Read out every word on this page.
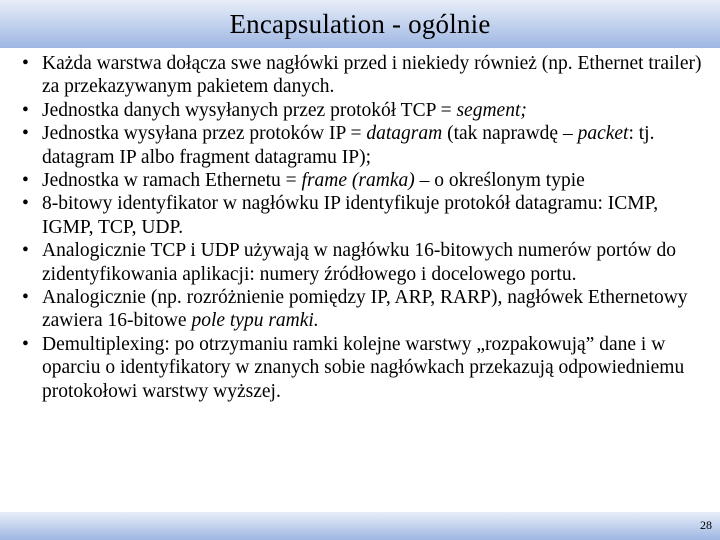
Encapsulation - ogólnie
• Każda warstwa dołącza swe nagłówki przed i niekiedy również (np. Ethernet trailer) za przekazywanym pakietem danych.
• Jednostka danych wysyłanych przez protokół TCP = segment;
• Jednostka wysyłana przez protoków IP = datagram (tak naprawdę – packet: tj. datagram IP albo fragment datagramu IP);
• Jednostka w ramach Ethernetu = frame (ramka) – o określonym typie
• 8-bitowy identyfikator w nagłówku IP identyfikuje protokół datagramu: ICMP, IGMP, TCP, UDP.
• Analogicznie TCP i UDP używają w nagłówku 16-bitowych numerów portów do zidentyfikowania aplikacji: numery źródłowego i docelowego portu.
• Analogicznie (np. rozróżnienie pomiędzy IP, ARP, RARP), nagłówek Ethernetowy zawiera 16-bitowe pole typu ramki.
• Demultiplexing: po otrzymaniu ramki kolejne warstwy „rozpakowują” dane i w oparciu o identyfikatory w znanych sobie nagłówkach przekazują odpowiedniemu protokołowi warstwy wyższej.
28
